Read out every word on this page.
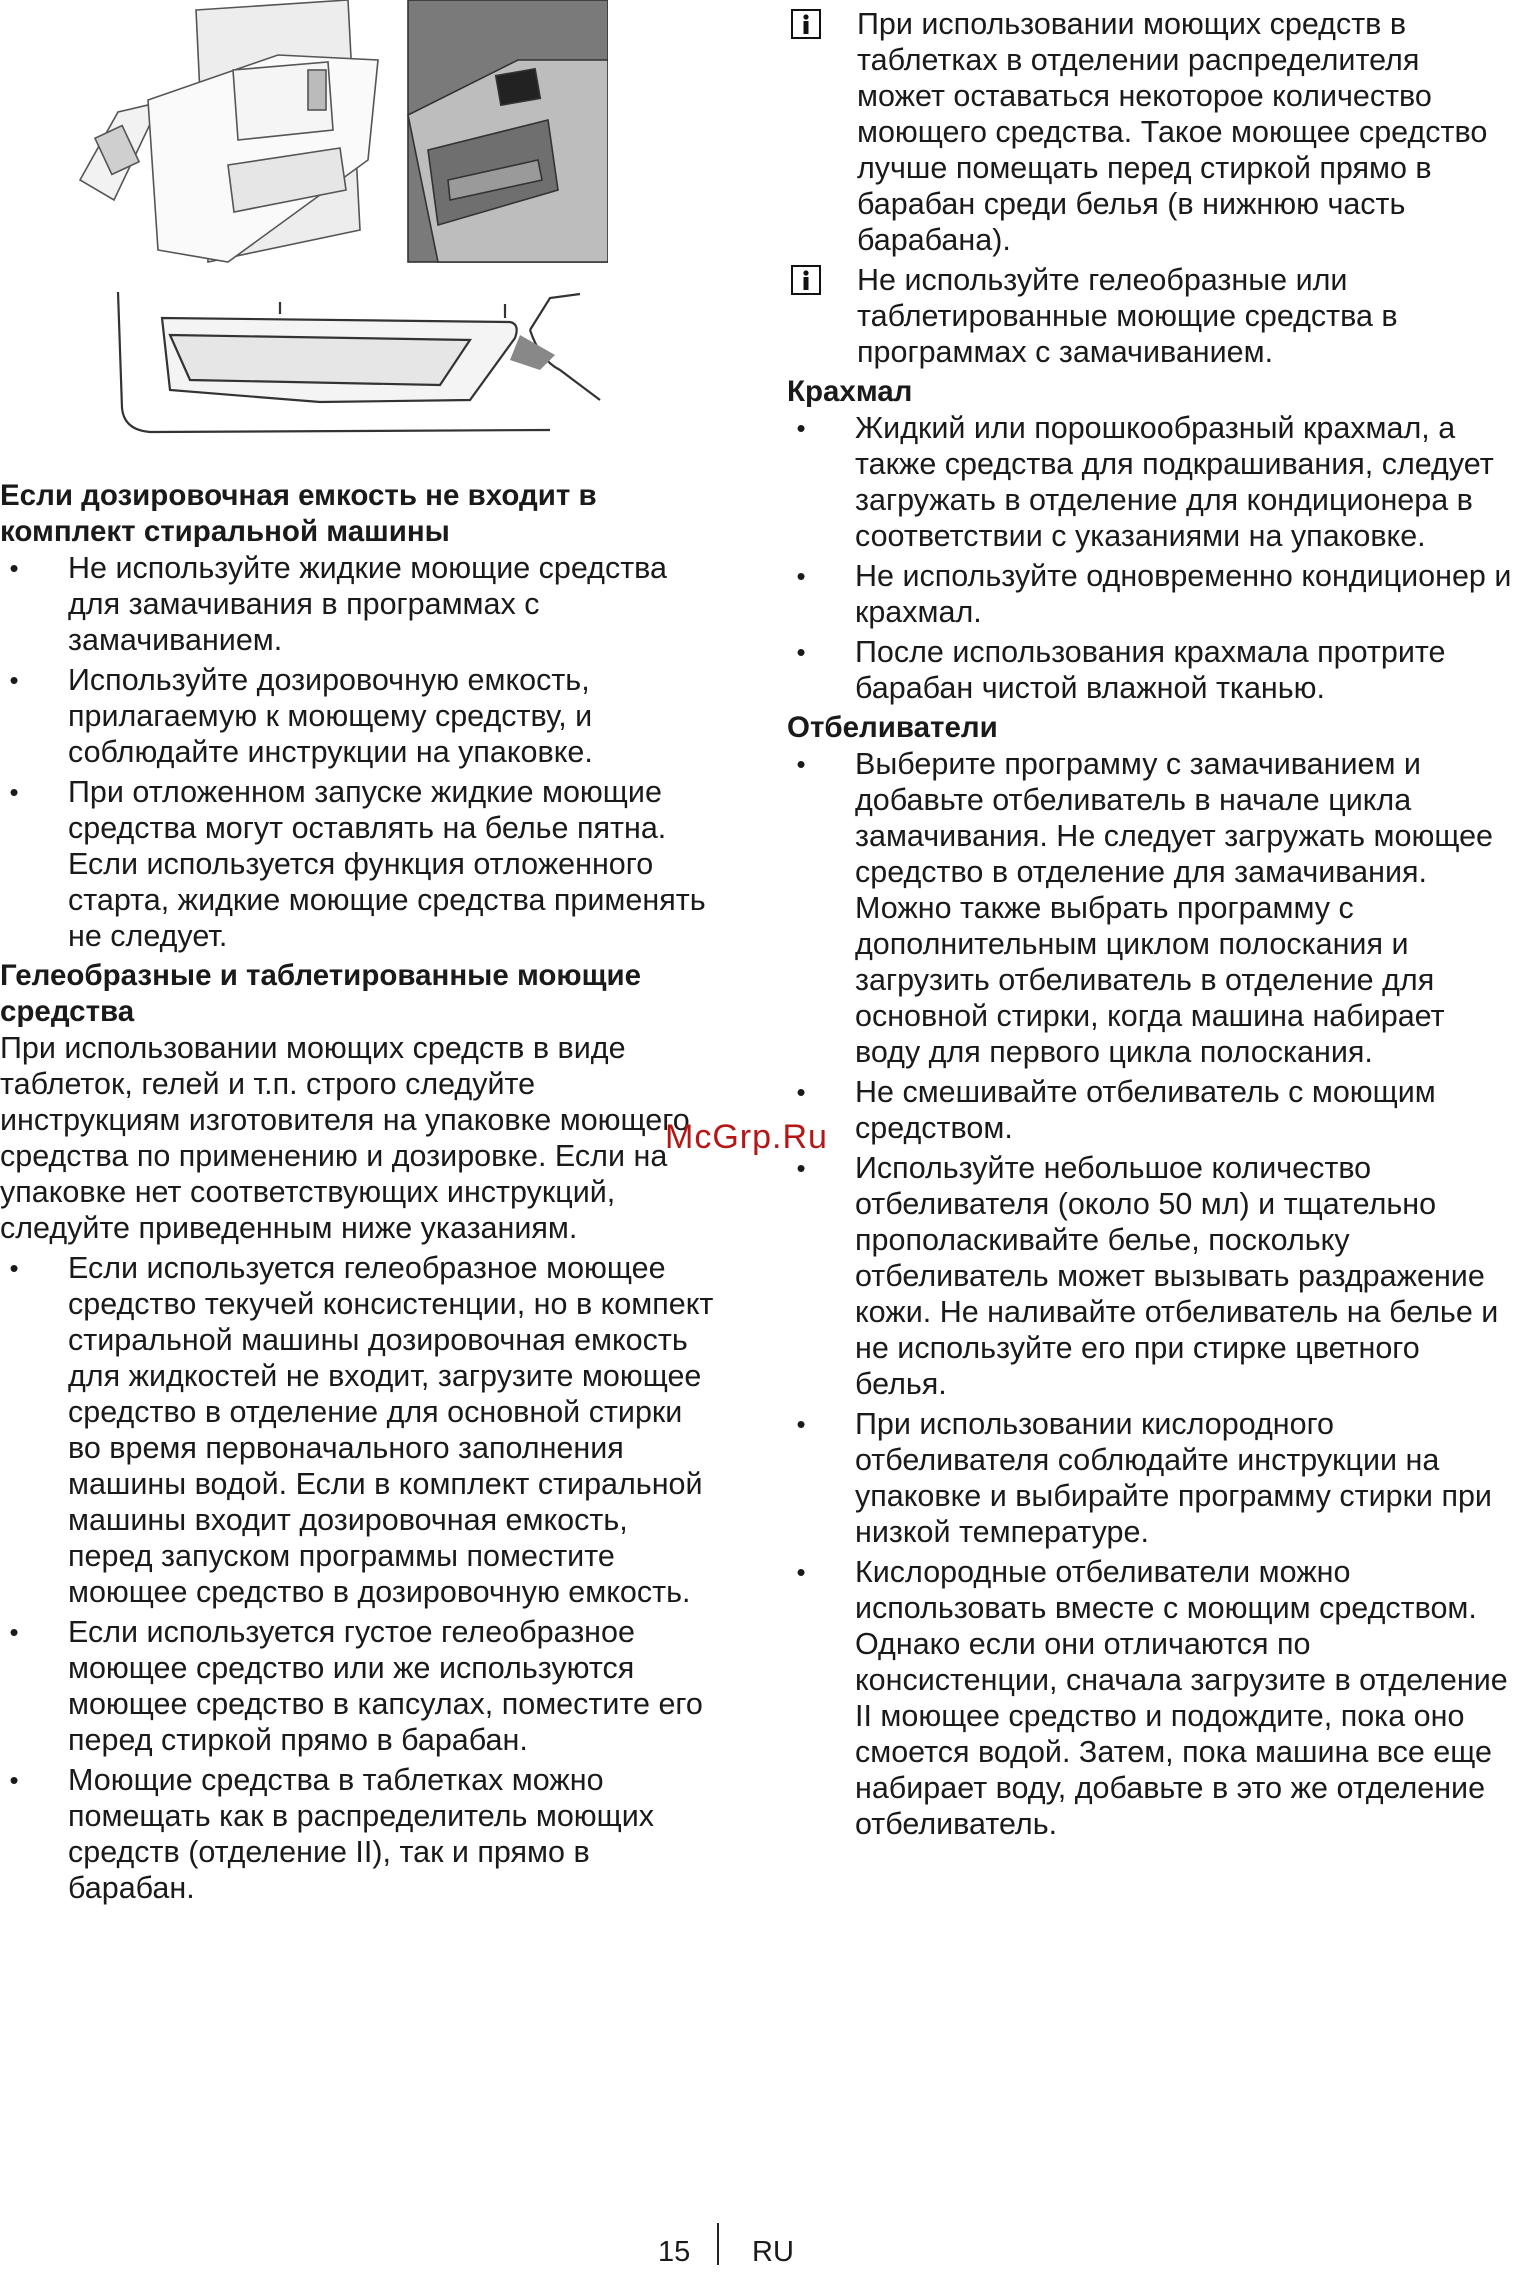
Если дозировочная емкость не входит в комплект стиральной машины
• Не используйте жидкие моющие средства для замачивания в программах с замачиванием.
• Используйте дозировочную емкость, прилагаемую к моющему средству, и соблюдайте инструкции на упаковке.
• При отложенном запуске жидкие моющие средства могут оставлять на белье пятна. Если используется функция отложенного старта, жидкие моющие средства применять не следует.
Гелеобразные и таблетированные моющие средства

При использовании моющих средств в виде таблеток, гелей и т.п. строго следуйте инструкциям изготовителя на упаковке моющего средства по применению и дозировке. Если на упаковке нет соответствующих инструкций, следуйте приведенным ниже указаниям.

• Если используется гелеобразное моющее средство текучей консистенции, но в компект стиральной машины дозировочная емкость для жидкостей не входит, загрузите моющее средство в отделение для основной стирки во время первоначального заполнения машины водой. Если в комплект стиральной машины входит дозировочная емкость, перед запуском программы поместите моющее средство в дозировочную емкость.
• Если используется густое гелеобразное моющее средство или же используются моющее средство в капсулах, поместите его перед стиркой прямо в барабан.
• Моющие средства в таблетках можно помещать как в распределитель моющих средств (отделение II), так и прямо в барабан.
При использовании моющих средств в таблетках в отделении распределителя может оставаться некоторое количество моющего средства. Такое моющее средство лучше помещать перед стиркой прямо в барабан среди белья (в нижнюю часть барабана).
Не используйте гелеобразные или таблетированные моющие средства в программах с замачиванием.
Крахмал
• Жидкий или порошкообразный крахмал, а также средства для подкрашивания, следует загружать в отделение для кондиционера в соответствии с указаниями на упаковке.
• Не используйте одновременно кондиционер и крахмал.
• После использования крахмала протрите барабан чистой влажной тканью.
Отбеливатели
• Выберите программу с замачиванием и добавьте отбеливатель в начале цикла замачивания. Не следует загружать моющее средство в отделение для замачивания. Можно также выбрать программу с дополнительным циклом полоскания и загрузить отбеливатель в отделение для основной стирки, когда машина набирает воду для первого цикла полоскания.
• Не смешивайте отбеливатель с моющим средством.
• Используйте небольшое количество отбеливателя (около 50 мл) и тщательно прополаскивайте белье, поскольку отбеливатель может вызывать раздражение кожи. Не наливайте отбеливатель на белье и не используйте его при стирке цветного белья.
• При использовании кислородного отбеливателя соблюдайте инструкции на упаковке и выбирайте программу стирки при низкой температуре.
• Кислородные отбеливатели можно использовать вместе с моющим средством. Однако если они отличаются по консистенции, сначала загрузите в отделение II моющее средство и подождите, пока оно смоется водой. Затем, пока машина все еще набирает воду, добавьте в это же отделение отбеливатель.
McGrp.Ru
15 RU
